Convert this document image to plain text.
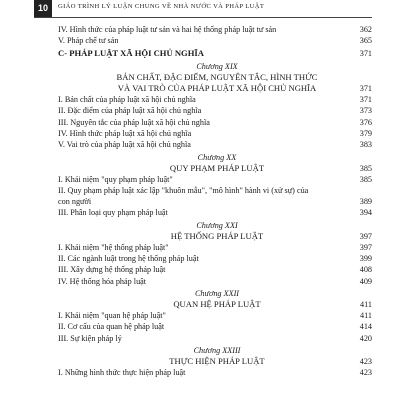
10	GIÁO TRÌNH LÝ LUẬN CHUNG VỀ NHÀ NƯỚC VÀ PHÁP LUẬT
IV. Hình thức của pháp luật tư sản và hai hệ thống pháp luật tư sản	362
V. Pháp chế tư sản	365
C- PHÁP LUẬT XÃ HỘI CHỦ NGHĨA	371
Chương XIX
BẢN CHẤT, ĐẶC ĐIỂM, NGUYÊN TẮC, HÌNH THỨC
VÀ VAI TRÒ CỦA PHÁP LUẬT XÃ HỘI CHỦ NGHĨA	371
I. Bản chất của pháp luật xã hội chủ nghĩa	371
II. Đặc điểm của pháp luật xã hội chủ nghĩa	373
III. Nguyên tắc của pháp luật xã hội chủ nghĩa	376
IV. Hình thức pháp luật xã hội chủ nghĩa	379
V. Vai trò của pháp luật xã hội chủ nghĩa	383
Chương XX
QUY PHẠM PHÁP LUẬT	385
I. Khái niệm "quy phạm pháp luật"	385
II. Quy phạm pháp luật xác lập "khuôn mẫu", "mô hình" hành vi (xử sự) của con người	389
III. Phân loại quy phạm pháp luật	394
Chương XXI
HỆ THỐNG PHÁP LUẬT	397
I. Khái niệm "hệ thống pháp luật"	397
II. Các ngành luật trong hệ thống pháp luật	399
III. Xây dựng hệ thống pháp luật	408
IV. Hệ thống hóa pháp luật	409
Chương XXII
QUAN HỆ PHÁP LUẬT	411
I. Khái niệm "quan hệ pháp luật"	411
II. Cơ cấu của quan hệ pháp luật	414
III. Sự kiện pháp lý	420
Chương XXIII
THỰC HIỆN PHÁP LUẬT	423
I. Những hình thức thực hiện pháp luật	423
